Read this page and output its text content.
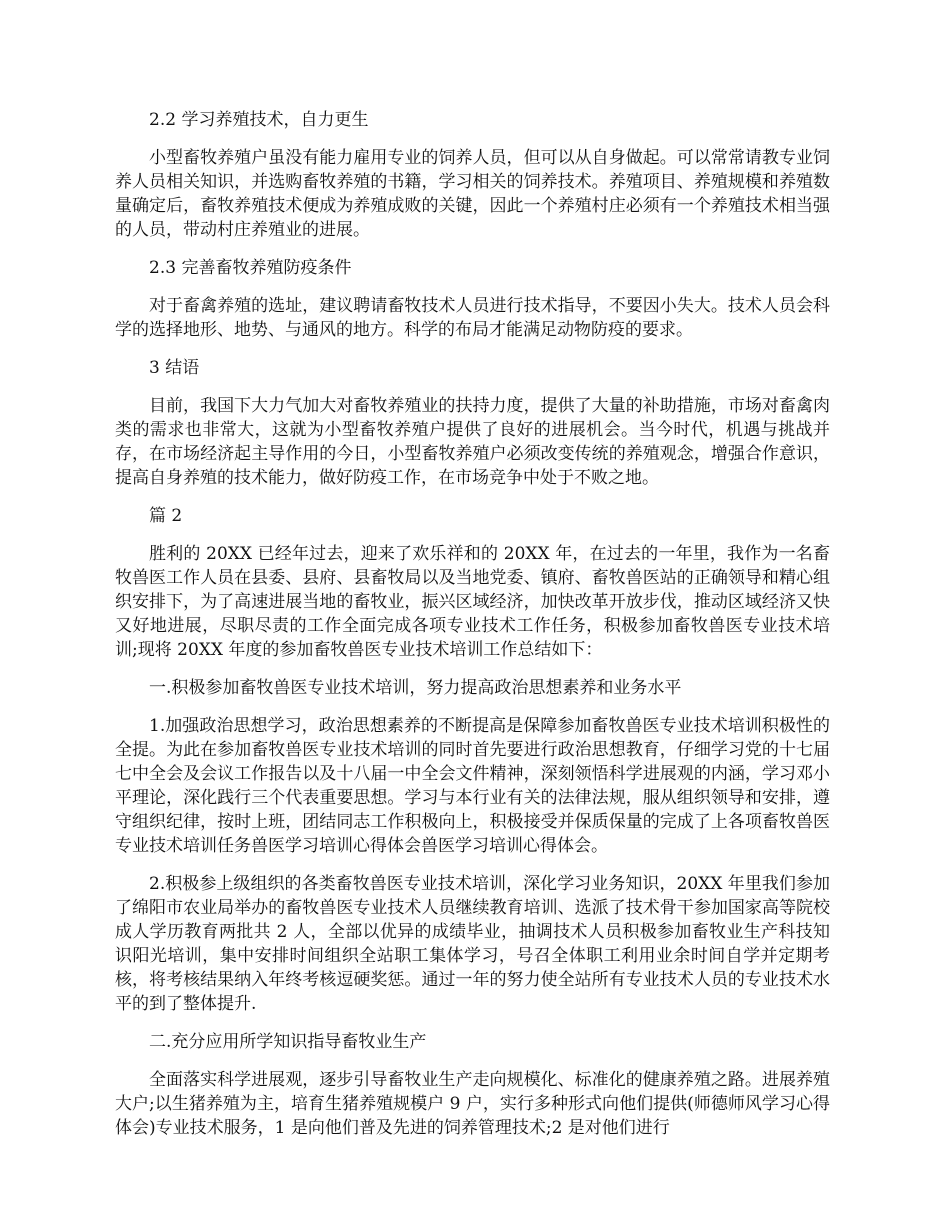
2.2 学习养殖技术，自力更生

小型畜牧养殖户虽没有能力雇用专业的饲养人员，但可以从自身做起。可以常常请教专业饲养人员相关知识，并选购畜牧养殖的书籍，学习相关的饲养技术。养殖项目、养殖规模和养殖数量确定后，畜牧养殖技术便成为养殖成败的关键，因此一个养殖村庄必须有一个养殖技术相当强的人员，带动村庄养殖业的进展。

2.3 完善畜牧养殖防疫条件

对于畜禽养殖的选址，建议聘请畜牧技术人员进行技术指导，不要因小失大。技术人员会科学的选择地形、地势、与通风的地方。科学的布局才能满足动物防疫的要求。

3 结语

目前，我国下大力气加大对畜牧养殖业的扶持力度，提供了大量的补助措施，市场对畜禽肉类的需求也非常大，这就为小型畜牧养殖户提供了良好的进展机会。当今时代，机遇与挑战并存，在市场经济起主导作用的今日，小型畜牧养殖户必须改变传统的养殖观念，增强合作意识，提高自身养殖的技术能力，做好防疫工作，在市场竞争中处于不败之地。

篇 2

胜利的 20XX 已经年过去，迎来了欢乐祥和的 20XX 年，在过去的一年里，我作为一名畜牧兽医工作人员在县委、县府、县畜牧局以及当地党委、镇府、畜牧兽医站的正确领导和精心组织安排下，为了高速进展当地的畜牧业，振兴区域经济，加快改革开放步伐，推动区域经济又快又好地进展，尽职尽责的工作全面完成各项专业技术工作任务，积极参加畜牧兽医专业技术培训;现将 20XX 年度的参加畜牧兽医专业技术培训工作总结如下：

一.积极参加畜牧兽医专业技术培训，努力提高政治思想素养和业务水平

1.加强政治思想学习，政治思想素养的不断提高是保障参加畜牧兽医专业技术培训积极性的全提。为此在参加畜牧兽医专业技术培训的同时首先要进行政治思想教育，仔细学习党的十七届七中全会及会议工作报告以及十八届一中全会文件精神，深刻领悟科学进展观的内涵，学习邓小平理论，深化践行三个代表重要思想。学习与本行业有关的法律法规，服从组织领导和安排，遵守组织纪律，按时上班，团结同志工作积极向上，积极接受并保质保量的完成了上各项畜牧兽医专业技术培训任务兽医学习培训心得体会兽医学习培训心得体会。

2.积极参上级组织的各类畜牧兽医专业技术培训，深化学习业务知识，20XX 年里我们参加了绵阳市农业局举办的畜牧兽医专业技术人员继续教育培训、选派了技术骨干参加国家高等院校成人学历教育两批共 2 人，全部以优异的成绩毕业，抽调技术人员积极参加畜牧业生产科技知识阳光培训，集中安排时间组织全站职工集体学习，号召全体职工利用业余时间自学并定期考核，将考核结果纳入年终考核逗硬奖惩。通过一年的努力使全站所有专业技术人员的专业技术水平的到了整体提升.

二.充分应用所学知识指导畜牧业生产

全面落实科学进展观，逐步引导畜牧业生产走向规模化、标准化的健康养殖之路。进展养殖大户;以生猪养殖为主，培育生猪养殖规模户 9 户，实行多种形式向他们提供(师德师风学习心得体会)专业技术服务，1 是向他们普及先进的饲养管理技术;2 是对他们进行
